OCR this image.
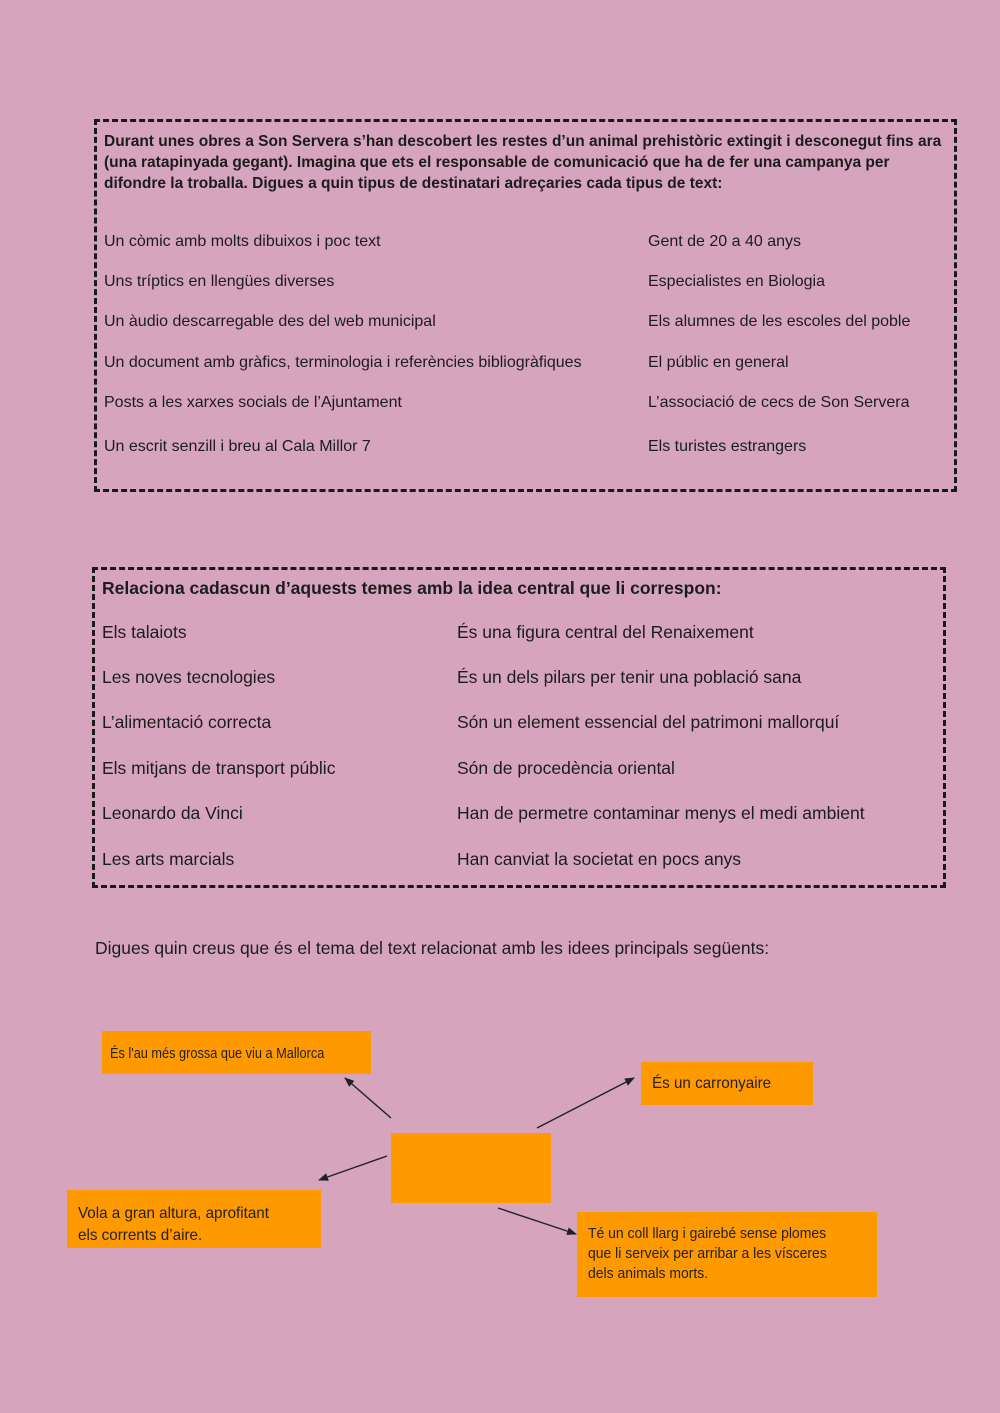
Durant unes obres a Son Servera s’han descobert les restes d’un animal prehistòric extingit i desconegut fins ara (una ratapinyada gegant). Imagina que ets el responsable de comunicació que ha de fer una campanya per difondre la troballa. Digues a quin tipus de destinatari adreçaries cada tipus de text:
Un còmic amb molts dibuixos i poc text
Uns tríptics en llengües diverses
Un àudio descarregable des del web municipal
Un document amb gràfics, terminologia i referències bibliogràfiques
Posts a les xarxes socials de l’Ajuntament
Un escrit senzill i breu al Cala Millor 7
Gent de 20 a 40 anys
Especialistes en Biologia
Els alumnes de les escoles del poble
El públic en general
L’associació de cecs de Son Servera
Els turistes estrangers
Relaciona cadascun d’aquests temes amb la idea central que li correspon:
Els talaiots
Les noves tecnologies
L’alimentació correcta
Els mitjans de transport públic
Leonardo da Vinci
Les arts marcials
És una figura central del Renaixement
És un dels pilars per tenir una població sana
Són un element essencial del patrimoni mallorquí
Són de procedència oriental
Han de permetre contaminar menys el medi ambient
Han canviat la societat en pocs anys
Digues quin creus que és el tema del text relacionat amb les idees principals següents:
És l'au més grossa que viu a Mallorca
És un carronyaire
Vola a gran altura, aprofitant
els corrents d’aire.	Té un coll llarg i gairebé sense plomes
que li serveix per arribar a les vísceres
dels animals morts.
